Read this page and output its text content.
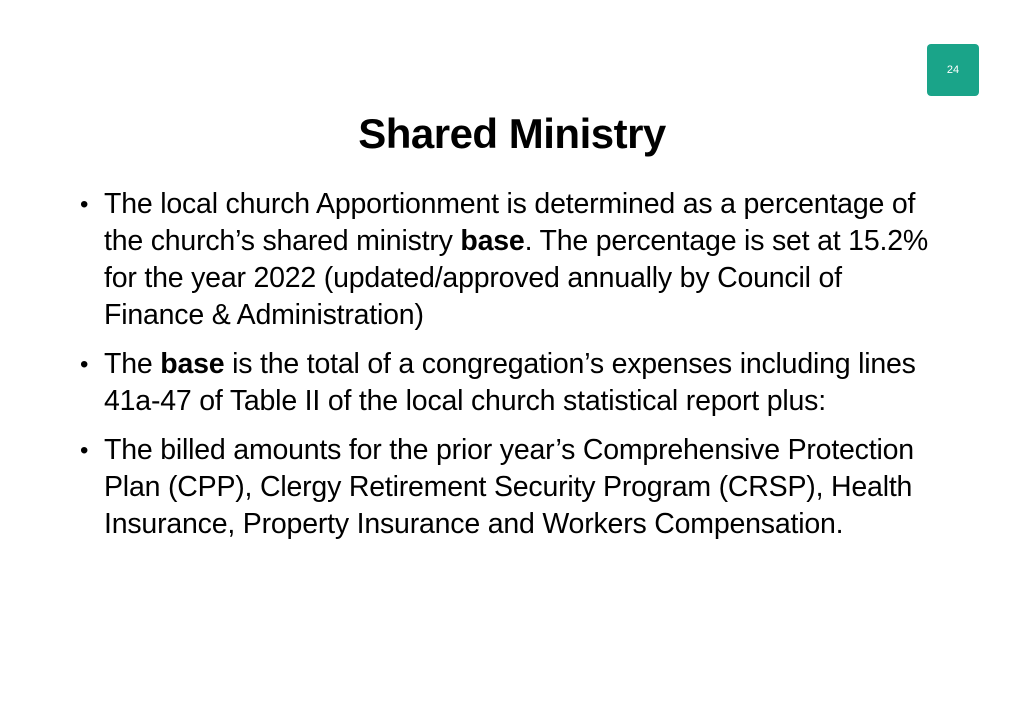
24
Shared Ministry
• The local church Apportionment is determined as a percentage of the church’s shared ministry base. The percentage is set at 15.2% for the year 2022 (updated/approved annually by Council of Finance & Administration)
• The base is the total of a congregation’s expenses including lines 41a-47 of Table II of the local church statistical report plus:
• The billed amounts for the prior year’s Comprehensive Protection Plan (CPP), Clergy Retirement Security Program (CRSP), Health Insurance, Property Insurance and Workers Compensation.
